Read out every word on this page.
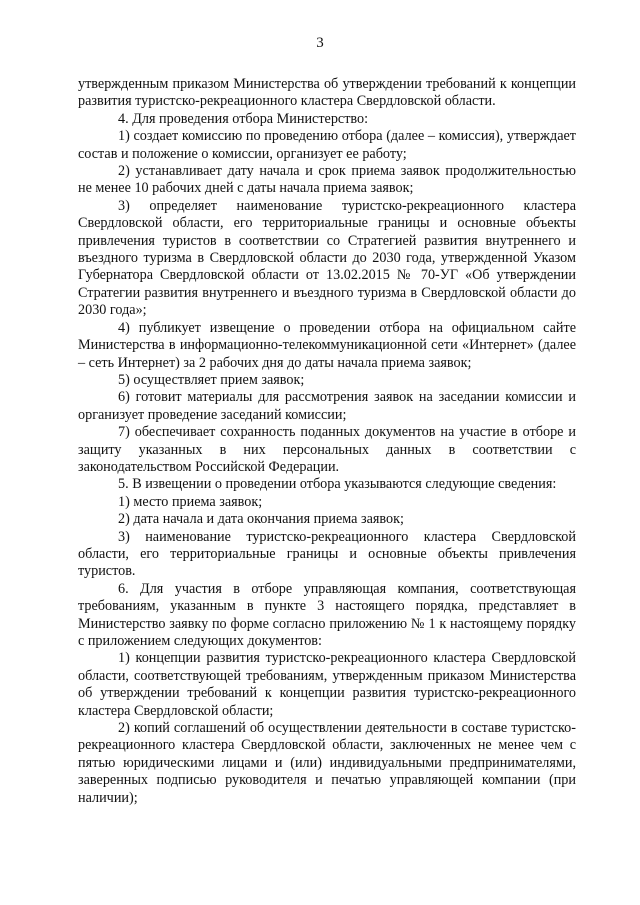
3

утвержденным приказом Министерства об утверждении требований к концепции развития туристско-рекреационного кластера Свердловской области.

4. Для проведения отбора Министерство:

1) создает комиссию по проведению отбора (далее – комиссия), утверждает состав и положение о комиссии, организует ее работу;

2) устанавливает дату начала и срок приема заявок продолжительностью не менее 10 рабочих дней с даты начала приема заявок;

3) определяет наименование туристско-рекреационного кластера Свердловской области, его территориальные границы и основные объекты привлечения туристов в соответствии со Стратегией развития внутреннего и въездного туризма в Свердловской области до 2030 года, утвержденной Указом Губернатора Свердловской области от 13.02.2015 № 70-УГ «Об утверждении Стратегии развития внутреннего и въездного туризма в Свердловской области до 2030 года»;

4) публикует извещение о проведении отбора на официальном сайте Министерства в информационно-телекоммуникационной сети «Интернет» (далее – сеть Интернет) за 2 рабочих дня до даты начала приема заявок;

5) осуществляет прием заявок;

6) готовит материалы для рассмотрения заявок на заседании комиссии и организует проведение заседаний комиссии;

7) обеспечивает сохранность поданных документов на участие в отборе и защиту указанных в них персональных данных в соответствии с законодательством Российской Федерации.

5. В извещении о проведении отбора указываются следующие сведения:

1) место приема заявок;

2) дата начала и дата окончания приема заявок;

3) наименование туристско-рекреационного кластера Свердловской области, его территориальные границы и основные объекты привлечения туристов.

6. Для участия в отборе управляющая компания, соответствующая требованиям, указанным в пункте 3 настоящего порядка, представляет в Министерство заявку по форме согласно приложению № 1 к настоящему порядку с приложением следующих документов:

1) концепции развития туристско-рекреационного кластера Свердловской области, соответствующей требованиям, утвержденным приказом Министерства об утверждении требований к концепции развития туристско-рекреационного кластера Свердловской области;

2) копий соглашений об осуществлении деятельности в составе туристско-рекреационного кластера Свердловской области, заключенных не менее чем с пятью юридическими лицами и (или) индивидуальными предпринимателями, заверенных подписью руководителя и печатью управляющей компании (при наличии);
